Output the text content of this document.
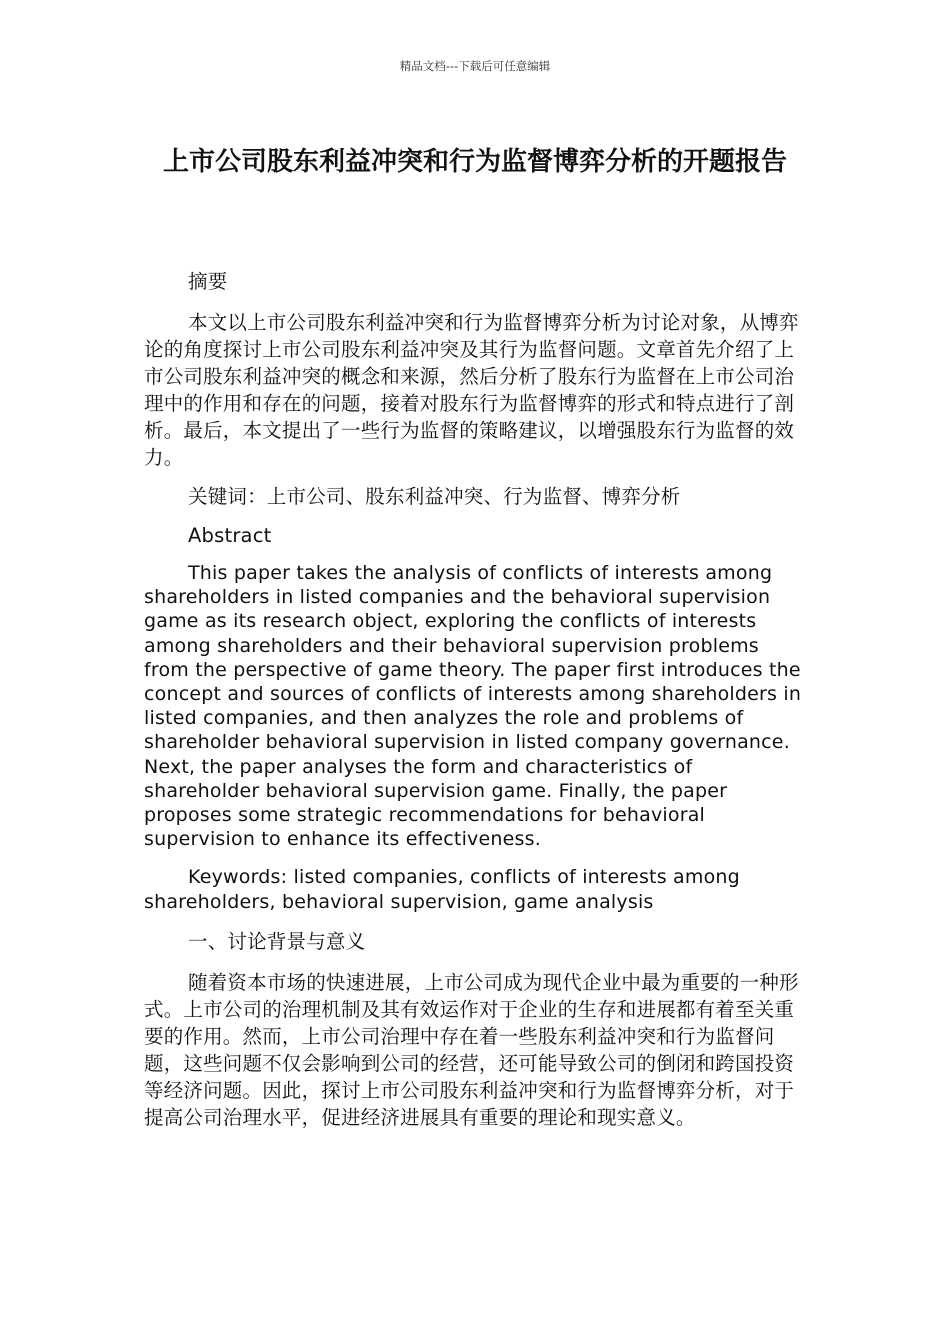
精品文档---下载后可任意编辑
上市公司股东利益冲突和行为监督博弈分析的开题报告

摘要

本文以上市公司股东利益冲突和行为监督博弈分析为讨论对象，从博弈论的角度探讨上市公司股东利益冲突及其行为监督问题。文章首先介绍了上市公司股东利益冲突的概念和来源，然后分析了股东行为监督在上市公司治理中的作用和存在的问题，接着对股东行为监督博弈的形式和特点进行了剖析。最后，本文提出了一些行为监督的策略建议，以增强股东行为监督的效力。

关键词：上市公司、股东利益冲突、行为监督、博弈分析

Abstract

This paper takes the analysis of conflicts of interests among shareholders in listed companies and the behavioral supervision game as its research object, exploring the conflicts of interests among shareholders and their behavioral supervision problems from the perspective of game theory. The paper first introduces the concept and sources of conflicts of interests among shareholders in listed companies, and then analyzes the role and problems of shareholder behavioral supervision in listed company governance. Next, the paper analyses the form and characteristics of shareholder behavioral supervision game. Finally, the paper proposes some strategic recommendations for behavioral supervision to enhance its effectiveness.

Keywords: listed companies, conflicts of interests among shareholders, behavioral supervision, game analysis

一、讨论背景与意义

随着资本市场的快速进展，上市公司成为现代企业中最为重要的一种形式。上市公司的治理机制及其有效运作对于企业的生存和进展都有着至关重要的作用。然而，上市公司治理中存在着一些股东利益冲突和行为监督问题，这些问题不仅会影响到公司的经营，还可能导致公司的倒闭和跨国投资等经济问题。因此，探讨上市公司股东利益冲突和行为监督博弈分析，对于提高公司治理水平，促进经济进展具有重要的理论和现实意义。
